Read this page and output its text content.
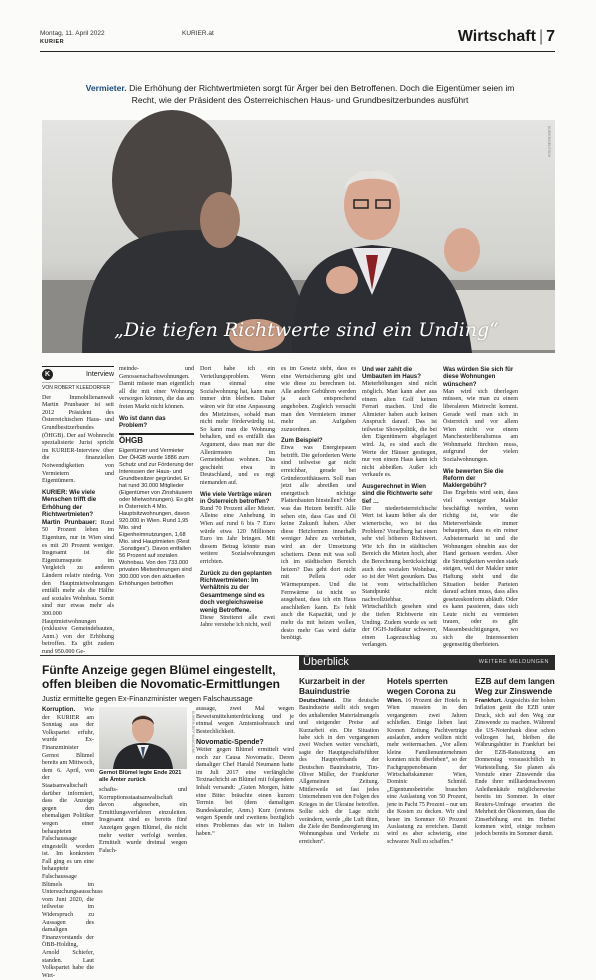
Montag, 11. April 2022
KURIER
KURIER.at	Wirtschaft | 7
Vermieter. Die Erhöhung der Richtwertmieten sorgt für Ärger bei den Betroffenen. Doch die Eigentümer seien im Recht, wie der Präsident des Österreichischen Haus- und Grundbesitzerbundes ausführt
KURIER/DEUTSCH
„Die tiefen Richtwerte sind ein Unding“
K	Interview
VON ROBERT KLEEDORFER

Der Immobilienanwalt Martin Prunbauer ist seit 2012 Präsident des Österreichischen Haus- und Grundbesitzerbundes (ÖHGB). Der auf Wohnrecht spezialisierte Jurist spricht im KURIER-Interview über die finanziellen Notwendigkeiten von Vermietern und Eigentümern.

KURIER: Wie viele Menschen trifft die Erhöhung der Richtwertmieten?

Martin Prunbauer: Rund 50 Prozent leben im Eigentum, nur in Wien sind es mit 20 Prozent weniger. Insgesamt ist die Eigentumsquote im Vergleich zu anderen Ländern relativ niedrig. Von den Hauptmietwohnungen entfällt mehr als die Hälfte auf soziales Wohnbau. Somit sind nur etwas mehr als 300.000 Hauptmietwohnungen (exklusive Gemeindebauten, Anm.) von der Erhöhung betroffen. Es gibt zudem rund 950.000 Ge-

meinde- und Genossenschaftswohnungen. Damit müsste man eigentlich all die mit einer Wohnung versorgen können, die das am freien Markt nicht können.

Wo ist dann das Problem?

ÖHGB

Eigentümer und Vermieter Der ÖHGB wurde 1886 zum Schutz und zur Förderung der Interessen der Haus- und Grundbesitzer gegründet. Er hat rund 30.000 Mitglieder (Eigentümer von Zinshäusern oder Mietwohnungen). Es gibt in Österreich 4 Mio. Hauptsitzwohnungen, davon 920.000 in Wien. Rund 1,95 Mio. sind Eigenheimnutzungen, 1,68 Mio. sind Hauptmieten (Rest „Sonstiges“). Davon entfallen 56 Prozent auf sozialen Wohnbau. Von den 733.000 privaten Mietwohnungen sind 300.000 von den aktuellen Erhöhungen betroffen

Dort habe ich ein Verteilungsproblem. Wenn man einmal eine Sozialwohnung hat, kann man immer drin bleiben. Daher wären wir für eine Anpassung des Mietzinses, sobald man nicht mehr förderwürdig ist. So kann man die Wohnung behalten, und es entfällt das Argument, dass man nur die Allerärmsten im Gemeindebau wohnen. Das geschieht etwa in Deutschland, und es regt niemanden auf.

Wie viele Verträge wären in Österreich betroffen?

Rund 70 Prozent aller Mieter. Alleine eine Anhebung in Wien auf rund 6 bis 7 Euro würde etwa 120 Millionen Euro im Jahr bringen. Mit diesem Betrag könnte man weitere Sozialwohnungen errichten.

Zurück zu den geplanten Richtwertmieten: Im Verhältnis zu der Gesamtmenge sind es doch vergleichsweise wenig Betroffene.

Diese Streiterei alle zwei Jahre verstehe ich nicht, weil

es im Gesetz steht, dass es eine Wertsicherung gibt und wie diese zu berechnen ist. Alle andere Gebühren werden ja auch entsprechend angehoben. Zugleich versucht man den Vermietern immer mehr an Aufgaben zuzuordnen.

Zum Beispiel?

Etwa was Energiepauen betrifft. Die geforderten Werte sind teilweise gar nicht erreichbar, gerade bei Gründerzeithäusern. Soll man jetzt alle abreißen und energetisch nichtige Plattenbauten hinstellen? Oder was das Heizen betrifft. Alle sehen ein, dass Gas und Öl keine Zukunft haben. Aber diese Heizformen innerhalb weniger Jahre zu verbieten, wird an der Umsetzung scheitern. Denn mit was soll ich im städtischen Bereich heizen? Das geht dort nicht mit Pellets oder Wärmepumpen. Und die Fernwärme ist nicht so ausgebaut, dass ich ein Haus anschließen kann. Es fehlt auch die Kapazität, und je mehr da mit heizen wollen, desto mehr Gas wird dafür benötigt.

Und wer zahlt die Umbauten im Haus?

Mieterhöhungen sind nicht möglich. Man kann aber aus einem alten Golf keinen Ferrari machen. Und die Altmieter haben auch keinen Anspruch darauf. Das ist teilweise Showpolitik, die bei den Eigentümern abgelagert wird. Ja, es sind auch die Werte der Häuser gestiegen, nur von einem Haus kann ich nicht abbeißen. Außer ich verkaufe es.

Ausgerechnet in Wien sind die Richtwerte sehr tief …

Der niederösterreichische Wert ist kaum höher als der wienerische, wo ist das Problem? Vorarlberg hat einen sehr viel höheren Richtwert. Wie ich ihn in städtischen Bereich die Mieten hoch, aber die Berechnung berücksichtigt auch den sozialen Wohnbau, so ist der Wert gesunken. Das ist vom wirtschaftlichen Standpunkt nicht nachvollziehbar. Wirtschaftlich gesehen sind die tiefen Richtwerte ein Unding. Zudem wurde es seit der OGH-Judikatur schwerer, einen Lagezuschlag zu verlangen.

Was würden Sie sich für diese Wohnungen wünschen?

Man wird sich überlegen müssen, wie man zu einem liberaleren Mietrecht kommt. Gerade weil man sich in Österreich und vor allem Wien nicht vor einem Manchesterliberalismus am Wohnmarkt fürchten muss, aufgrund der vielen Sozialwohnungen.

Wie bewerten Sie die Reform der Maklergebühr?

Das Ergebnis wird sein, dass viel weniger Makler beschäftigt werden, wenn richtig ist, wie die Mieterverbände immer behaupten, dass es ein reiner Anbietermarkt ist und die Wohnungen ohnehin aus der Hand gerissen werden. Aber die Streitigkeiten werden stark steigen, weil der Makler unter Haftung steht und die Situation beider Parteien darauf achten muss, dass alles gesetzeskonform abläuft. Oder es kann passieren, dass sich Leute nicht zu vermieten trauen, oder es gibt Massenbesichtigungen, wo sich die Interessenten gegenseitig überbieten.

Fünfte Anzeige gegen Blümel eingestellt, offen bleiben die Novomatic-Ermittlungen
Justiz ermittelte gegen Ex-Finanzminister wegen Falschaussage
Korruption. Wie der KURIER am Sonntag aus der Volkspartei erfuhr, wurde Ex-Finanzminister Gernot Blümel bereits am Mittwoch, dem 6. April, von der Staatsanwaltschaft darüber informiert, dass die Anzeige gegen den ehemaligen Politiker wegen einer behaupteten Falschaussage eingestellt worden ist. Im konkreten Fall ging es um eine behauptete Falschaussage Blümels im Untersuchungsausschuss vom Juni 2020, die teilweise im Widerspruch zu Aussagen des damaligen Finanzvorstands der ÖBB-Holding, Arnold Schiefer, standen. Laut Volkspartei habe die Wirt-
KURIER/JEFF MANGIONE
Gernot Blümel legte Ende 2021 alle Ämter zurück
schafts- und Korruptionsstaatsanwaltschaft davon abgesehen, ein Ermittlungsverfahren einzuleiten. Insgesamt sind es bereits fünf Anzeigen gegen Blümel, die nicht mehr weiter verfolgt werden. Ermittelt wurde dreimal wegen Falsch-
aussage, zwei Mal wegen Beweismittelunterdrückung und je einmal wegen Amtsmissbrauch und Bestechlichkeit.
Novomatic-Spende?
Weiter gegen Blümel ermittelt wird noch zur Causa Novomatic. Deren damaliger Chef Harald Neumann hatte im Juli 2017 eine verfängliche Textnachricht an Blümel mit folgendem Inhalt versandt: „Guten Morgen, hätte eine Bitte: bräuchte einen kurzen Termin bei (dem damaligen Bundeskanzler, Anm.) Kurz (erstens wegen Spende und zweitens bezüglich eines Problemes das wir in Italien haben.“
Überblick	WEITERE MELDUNGEN
Kurzarbeit in der Bauindustrie

Deutschland. Die deutsche Bauindustrie stellt sich wegen des anhaltenden Materialmangels und steigender Preise auf Kurzarbeit ein. Die Situation habe sich in den vergangenen zwei Wochen weiter verschärft, sagte der Hauptgeschäftsführer des Hauptverbands der Deutschen Bauindustrie, Tim-Oliver Müller, der Frankfurter Allgemeinen Zeitung. Mittlerweile sei fast jedes Unternehmen von den Folgen des Krieges in der Ukraine betroffen. Sollte sich die Lage nicht verändern, werde „die Luft dünn, die Ziele der Bundesregierung im Wohnungsbau und Verkehr zu erreichen“.

Hotels sperrten wegen Corona zu

Wien. 16 Prozent der Hotels in Wien mussten in den vergangenen zwei Jahren schließen. Einige lieben laut Kronen Zeitung Pachtverträge auslaufen, andere wollten nicht mehr weitermachen. „Vor allem kleine Familienunternehmen konnten nicht überleben“, so der Fachgruppenobmann der Wirtschaftskammer Wien, Dominic Schmid. „Eigentumsbetriebe brauchen eine Auslastung von 50 Prozent, jene in Pacht 75 Prozent – nur um die Kosten zu decken. Wir sind heuer im Sommer 60 Prozent Auslastung zu erreichen. Damit wird es aber schwierig, eine schwarze Null zu schaffen.“

EZB auf dem langen Weg zur Zinswende

Frankfurt. Angesichts der hohen Inflation gerät die EZB unter Druck, sich auf den Weg zur Zinswende zu machen. Während die US-Notenbank diese schon vollzogen hat, bleiben die Währungshüter in Frankfurt bei der EZB-Ratssitzung am Donnerstag voraussichtlich in Wartestellung. Sie planen als Vorstufe einer Zinswende das Ende ihrer milliardenschweren Anleihenkäufe möglicherweise bereits im Sommer. In einer Reuters-Umfrage erwarten die Mehrheit der Ökonomen, dass die Zinserhöhung erst im Herbst kommen wird, einige rechnen jedoch bereits im Sommer damit.
